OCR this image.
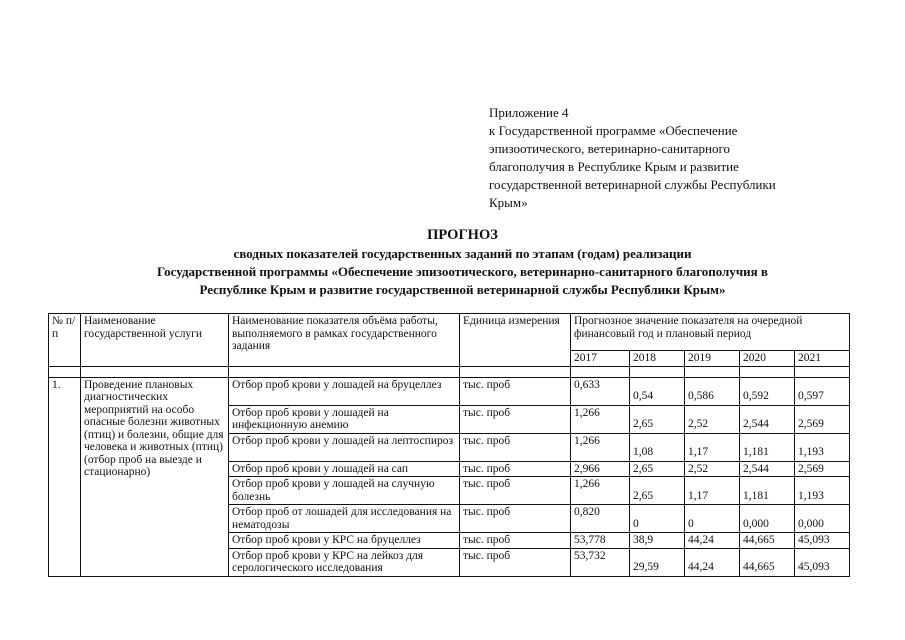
Приложение 4
к Государственной программе «Обеспечение
эпизоотического, ветеринарно-санитарного
благополучия в Республике Крым и развитие
государственной ветеринарной службы Республики
Крым»
ПРОГНОЗ
сводных показателей государственных заданий по этапам (годам) реализации
Государственной программы «Обеспечение эпизоотического, ветеринарно-санитарного благополучия в
Республике Крым и развитие государственной ветеринарной службы Республики Крым»
№ п/п	Наименование государственной услуги	Наименование показателя объёма работы, выполняемого в рамках государственного задания	Единица измерения	Прогнозное значение показателя на очередной финансовый год и плановый период				
				2017	2018	2019	2020	2021

1.	Проведение плановых диагностических мероприятий на особо опасные болезни животных (птиц) и болезни, общие для человека и животных (птиц) (отбор проб на выезде и стационарно)	Отбор проб крови у лошадей на бруцеллез	тыс. проб	0,633	0,54	0,586	0,592	0,597
		Отбор проб крови у лошадей на инфекционную анемию	тыс. проб	1,266	2,65	2,52	2,544	2,569
		Отбор проб крови у лошадей на лептоспироз	тыс. проб	1,266	1,08	1,17	1,181	1,193
		Отбор проб крови у лошадей на сап	тыс. проб	2,966	2,65	2,52	2,544	2,569
		Отбор проб крови у лошадей на случную болезнь	тыс. проб	1,266	2,65	1,17	1,181	1,193
		Отбор проб от лошадей для исследования на нематодозы	тыс. проб	0,820	0	0	0,000	0,000
		Отбор проб крови у КРС на бруцеллез	тыс. проб	53,778	38,9	44,24	44,665	45,093
		Отбор проб крови у КРС на лейкоз для серологического исследования	тыс. проб	53,732	29,59	44,24	44,665	45,093
